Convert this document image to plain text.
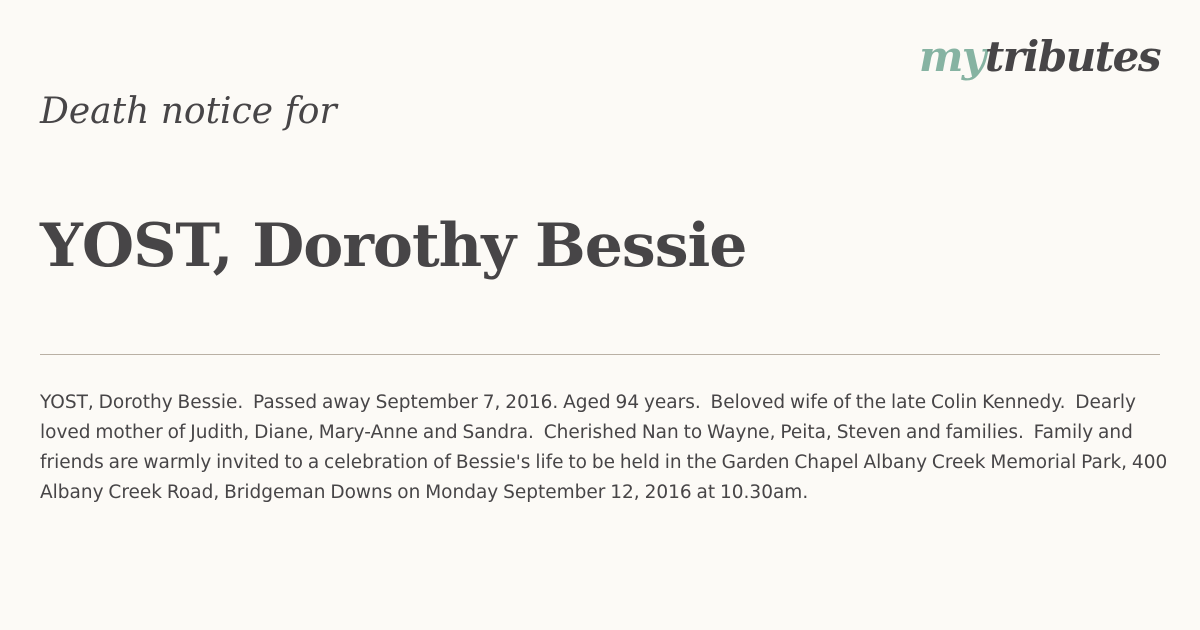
mytributes
Death notice for
YOST, Dorothy Bessie

YOST, Dorothy Bessie.  Passed away September 7, 2016. Aged 94 years.  Beloved wife of the late Colin Kennedy.  Dearly loved mother of Judith, Diane, Mary-Anne and Sandra.  Cherished Nan to Wayne, Peita, Steven and families.  Family and friends are warmly invited to a celebration of Bessie's life to be held in the Garden Chapel Albany Creek Memorial Park, 400 Albany Creek Road, Bridgeman Downs on Monday September 12, 2016 at 10.30am.
